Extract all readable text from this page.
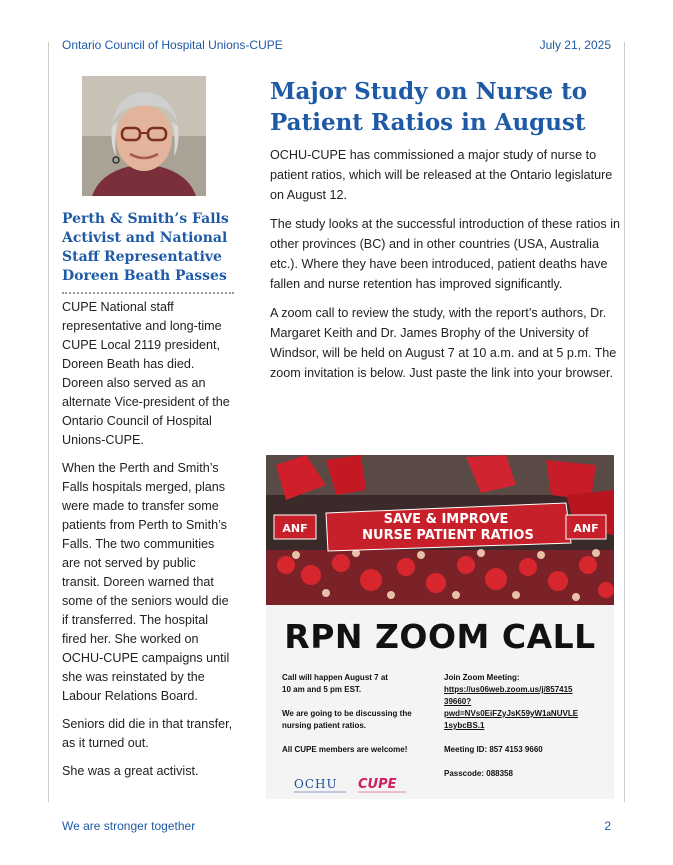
Ontario Council of Hospital Unions-CUPE	July 21, 2025
Perth & Smith’s Falls Activist and National Staff Representative Doreen Beath Passes

CUPE National staff representative and long-time CUPE Local 2119 president, Doreen Beath has died. Doreen also served as an alternate Vice-president of the Ontario Council of Hospital Unions-CUPE.

When the Perth and Smith’s Falls hospitals merged, plans were made to transfer some patients from Perth to Smith’s Falls. The two communities are not served by public transit. Doreen warned that some of the seniors would die if transferred. The hospital fired her. She worked on OCHU-CUPE campaigns until she was reinstated by the Labour Relations Board.

Seniors did die in that transfer, as it turned out.

She was a great activist.

Major Study on Nurse to Patient Ratios in August

OCHU-CUPE has commissioned a major study of nurse to patient ratios, which will be released at the Ontario legislature on August 12.

The study looks at the successful introduction of these ratios in other provinces (BC) and in other countries (USA, Australia etc.). Where they have been introduced, patient deaths have fallen and nurse retention has improved significantly.

A zoom call to review the study, with the report’s authors, Dr. Margaret Keith and Dr. James Brophy of the University of Windsor, will be held on August 7 at 10 a.m. and at 5 p.m. The zoom invitation is below. Just paste the link into your browser.

SAVE & IMPROVE
NURSE PATIENT RATIOS
ANF	ANF
RPN ZOOM CALL
Call will happen August 7 at
10 am and 5 pm EST.
We are going to be discussing the
nursing patient ratios.
All CUPE members are welcome!
Join Zoom Meeting:
https://us06web.zoom.us/j/857415
39660?
pwd=NVs0EiFZyJsK59yW1aNUVLE
1sybcBS.1
Meeting ID: 857 4153 9660
Passcode: 088358
OCHU CUPE
We are stronger together	2
